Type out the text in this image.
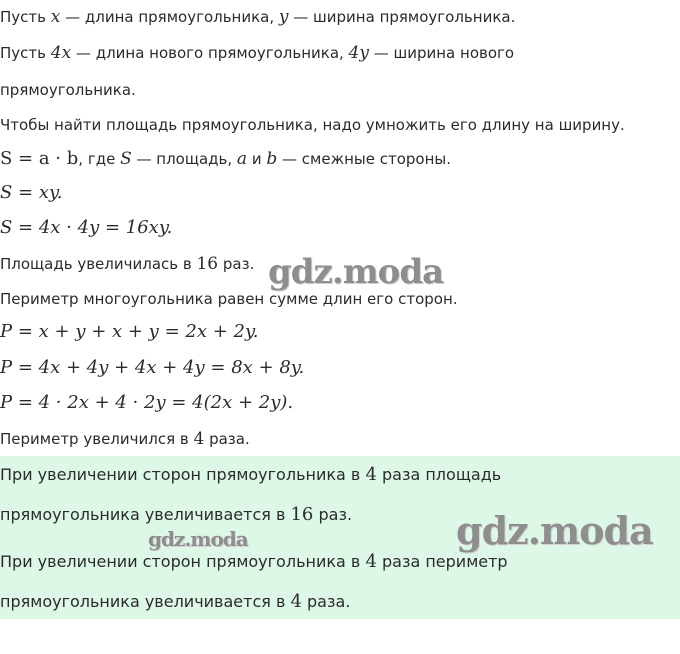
Пусть x — длина прямоугольника, y — ширина прямоугольника.
Пусть 4x — длина нового прямоугольника, 4y — ширина нового
прямоугольника.
Чтобы найти площадь прямоугольника, надо умножить его длину на ширину.
S = a · b, где S — площадь, a и b — смежные стороны.
S = xy.
S = 4x · 4y = 16xy.
Площадь увеличилась в 16 раз.
Периметр многоугольника равен сумме длин его сторон.
P = x + y + x + y = 2x + 2y.
P = 4x + 4y + 4x + 4y = 8x + 8y.
P = 4 · 2x + 4 · 2y = 4(2x + 2y).
Периметр увеличился в 4 раза.
При увеличении сторон прямоугольника в 4 раза площадь
прямоугольника увеличивается в 16 раз.
При увеличении сторон прямоугольника в 4 раза периметр
прямоугольника увеличивается в 4 раза.
gdz.moda
gdz.moda	gdz.moda
